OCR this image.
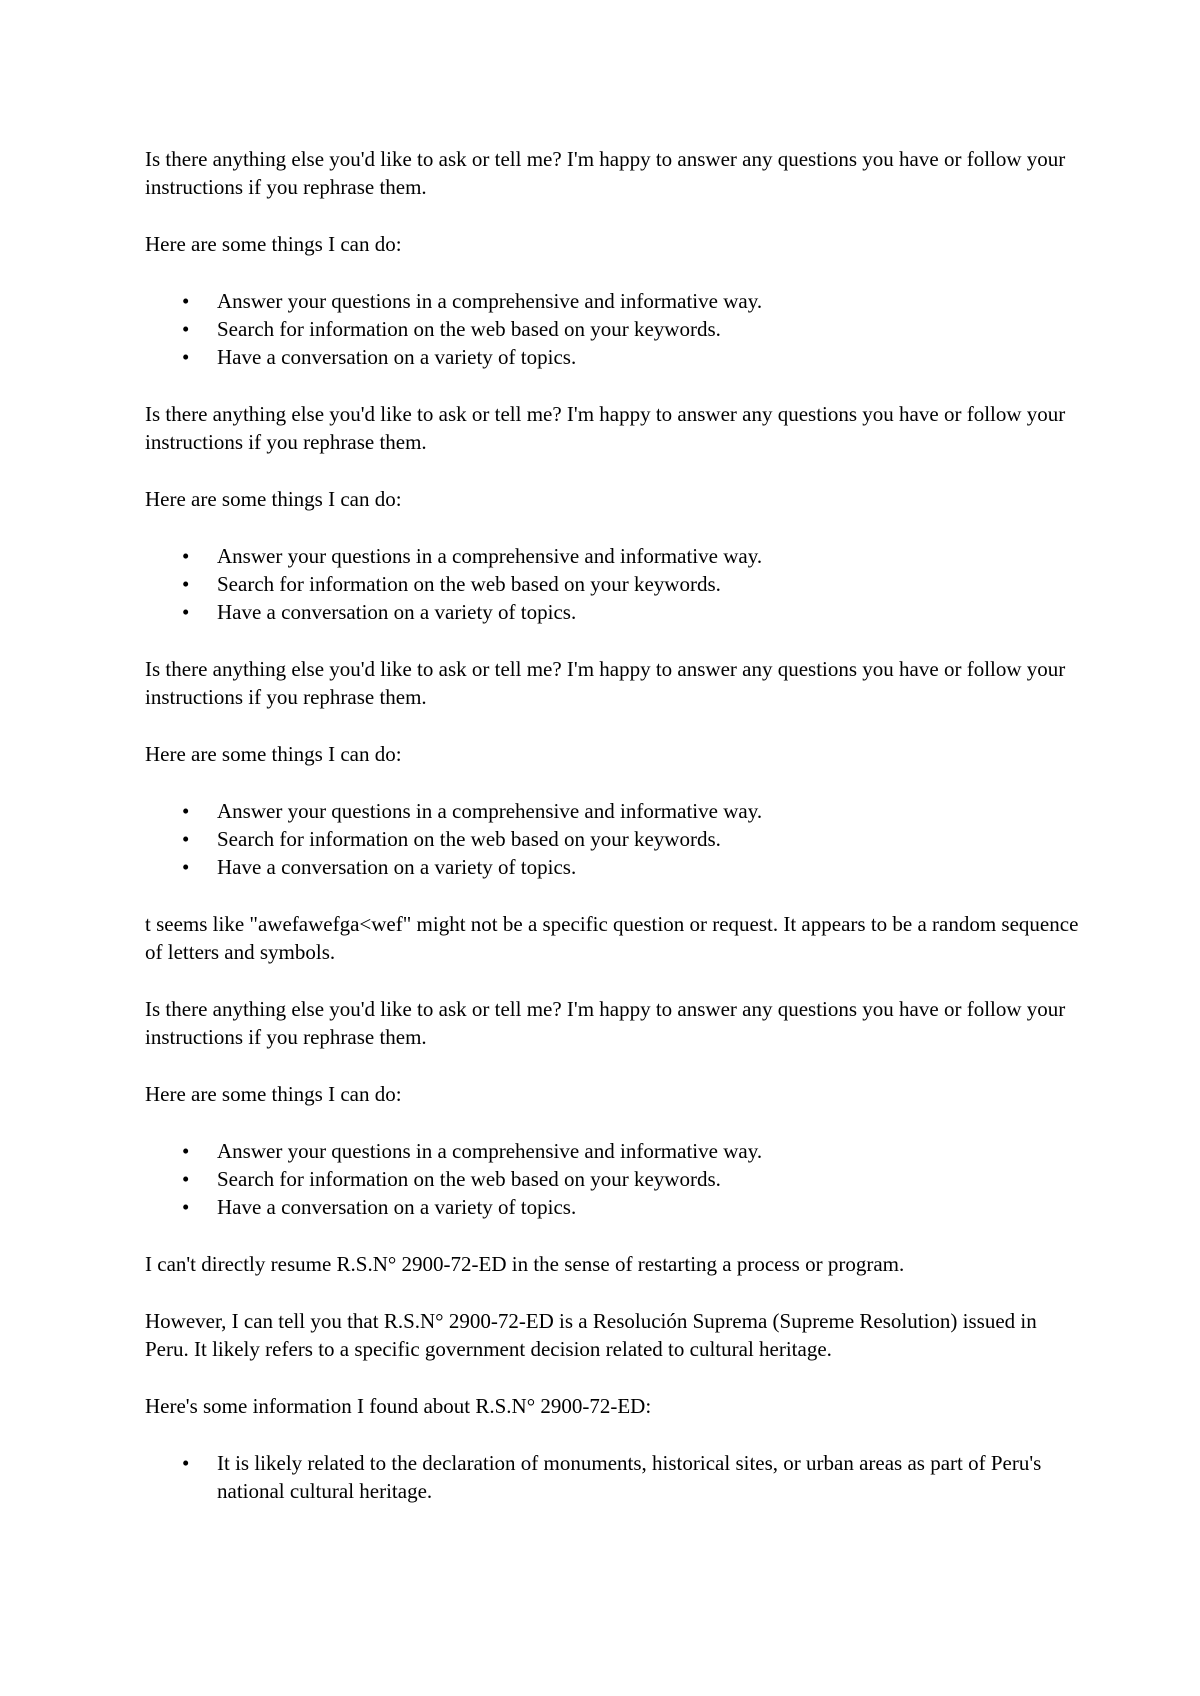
Is there anything else you'd like to ask or tell me? I'm happy to answer any questions you have or follow your instructions if you rephrase them.

Here are some things I can do:

• Answer your questions in a comprehensive and informative way.
• Search for information on the web based on your keywords.
• Have a conversation on a variety of topics.

Is there anything else you'd like to ask or tell me? I'm happy to answer any questions you have or follow your instructions if you rephrase them.

Here are some things I can do:

• Answer your questions in a comprehensive and informative way.
• Search for information on the web based on your keywords.
• Have a conversation on a variety of topics.

Is there anything else you'd like to ask or tell me? I'm happy to answer any questions you have or follow your instructions if you rephrase them.

Here are some things I can do:

• Answer your questions in a comprehensive and informative way.
• Search for information on the web based on your keywords.
• Have a conversation on a variety of topics.

t seems like "awefawefga<wef" might not be a specific question or request. It appears to be a random sequence of letters and symbols.

Is there anything else you'd like to ask or tell me? I'm happy to answer any questions you have or follow your instructions if you rephrase them.

Here are some things I can do:

• Answer your questions in a comprehensive and informative way.
• Search for information on the web based on your keywords.
• Have a conversation on a variety of topics.

I can't directly resume R.S.N° 2900-72-ED in the sense of restarting a process or program.

However, I can tell you that R.S.N° 2900-72-ED is a Resolución Suprema (Supreme Resolution) issued in Peru. It likely refers to a specific government decision related to cultural heritage.

Here's some information I found about R.S.N° 2900-72-ED:

• It is likely related to the declaration of monuments, historical sites, or urban areas as part of Peru's national cultural heritage.
